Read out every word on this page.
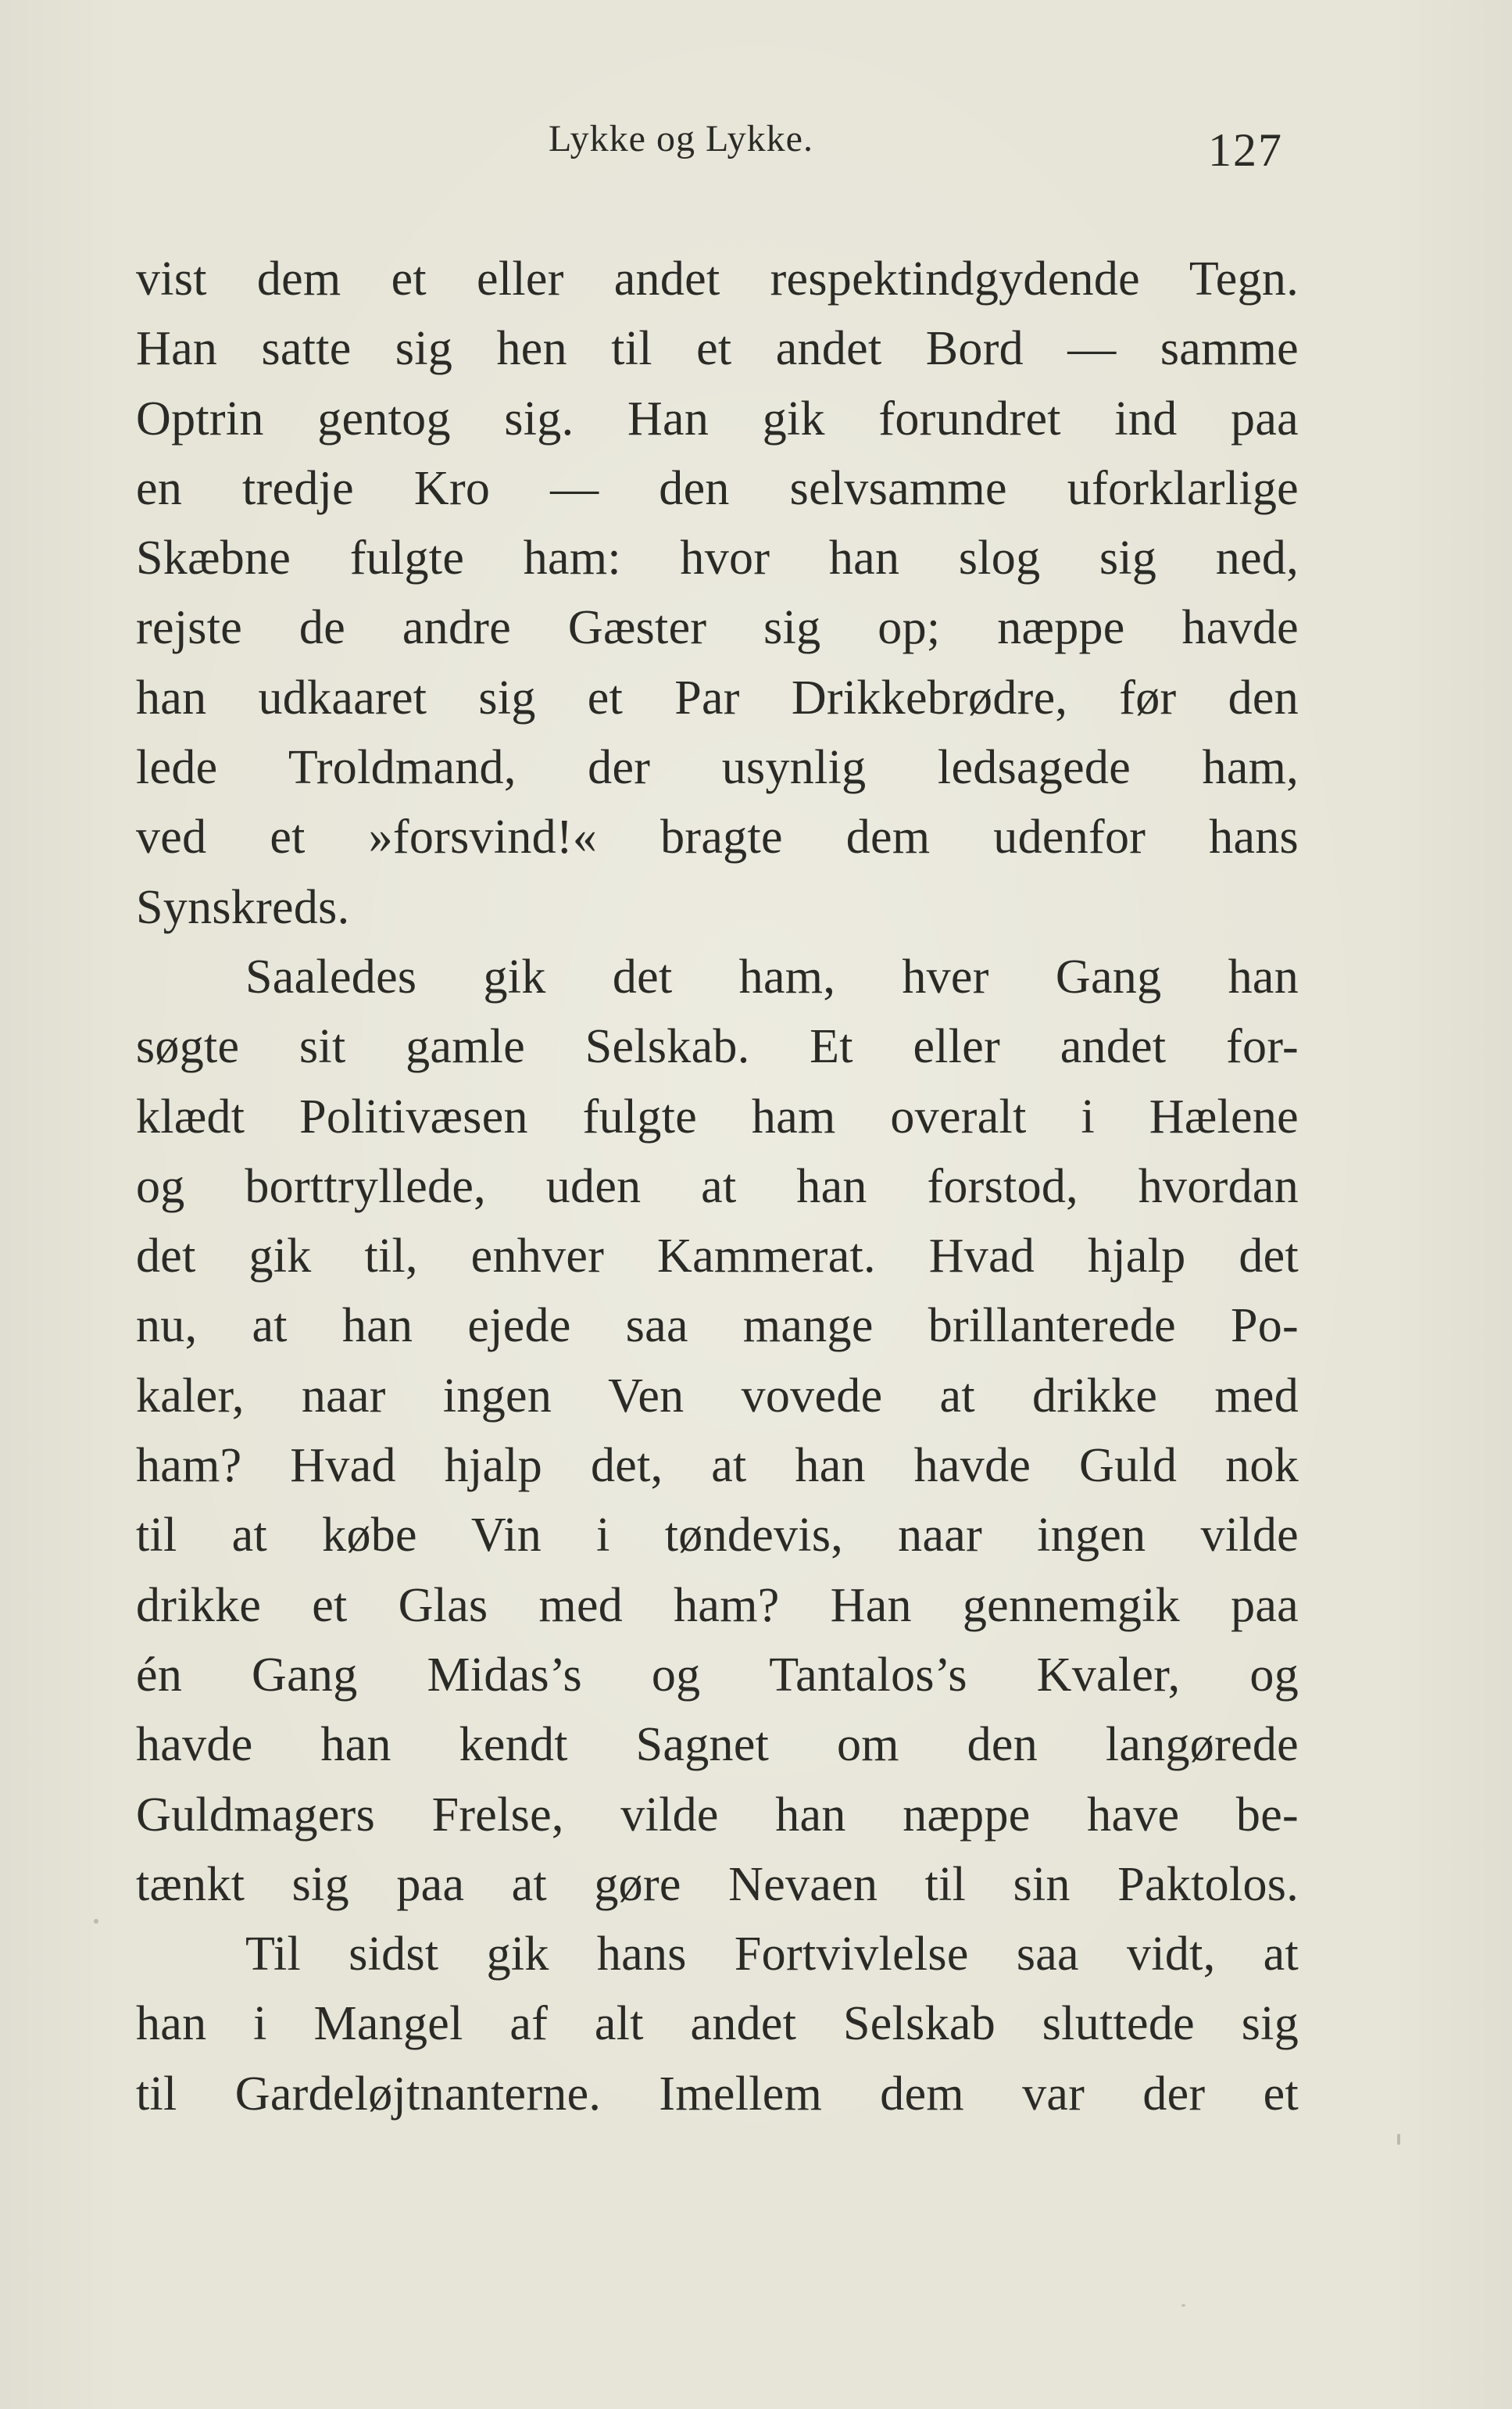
Lykke og Lykke.	127
vist dem et eller andet respektindgydende Tegn.
Han satte sig hen til et andet Bord — samme
Optrin gentog sig. Han gik forundret ind paa
en tredje Kro — den selvsamme uforklarlige
Skæbne fulgte ham: hvor han slog sig ned,
rejste de andre Gæster sig op; næppe havde
han udkaaret sig et Par Drikkebrødre, før den
lede Troldmand, der usynlig ledsagede ham,
ved et »forsvind!« bragte dem udenfor hans
Synskreds.
Saaledes gik det ham, hver Gang han
søgte sit gamle Selskab. Et eller andet for-
klædt Politivæsen fulgte ham overalt i Hælene
og borttryllede, uden at han forstod, hvordan
det gik til, enhver Kammerat. Hvad hjalp det
nu, at han ejede saa mange brillanterede Po-
kaler, naar ingen Ven vovede at drikke med
ham? Hvad hjalp det, at han havde Guld nok
til at købe Vin i tøndevis, naar ingen vilde
drikke et Glas med ham? Han gennemgik paa
én Gang Midas’s og Tantalos’s Kvaler, og
havde han kendt Sagnet om den langørede
Guldmagers Frelse, vilde han næppe have be-
tænkt sig paa at gøre Nevaen til sin Paktolos.
Til sidst gik hans Fortvivlelse saa vidt, at
han i Mangel af alt andet Selskab sluttede sig
til Gardeløjtnanterne. Imellem dem var der et
